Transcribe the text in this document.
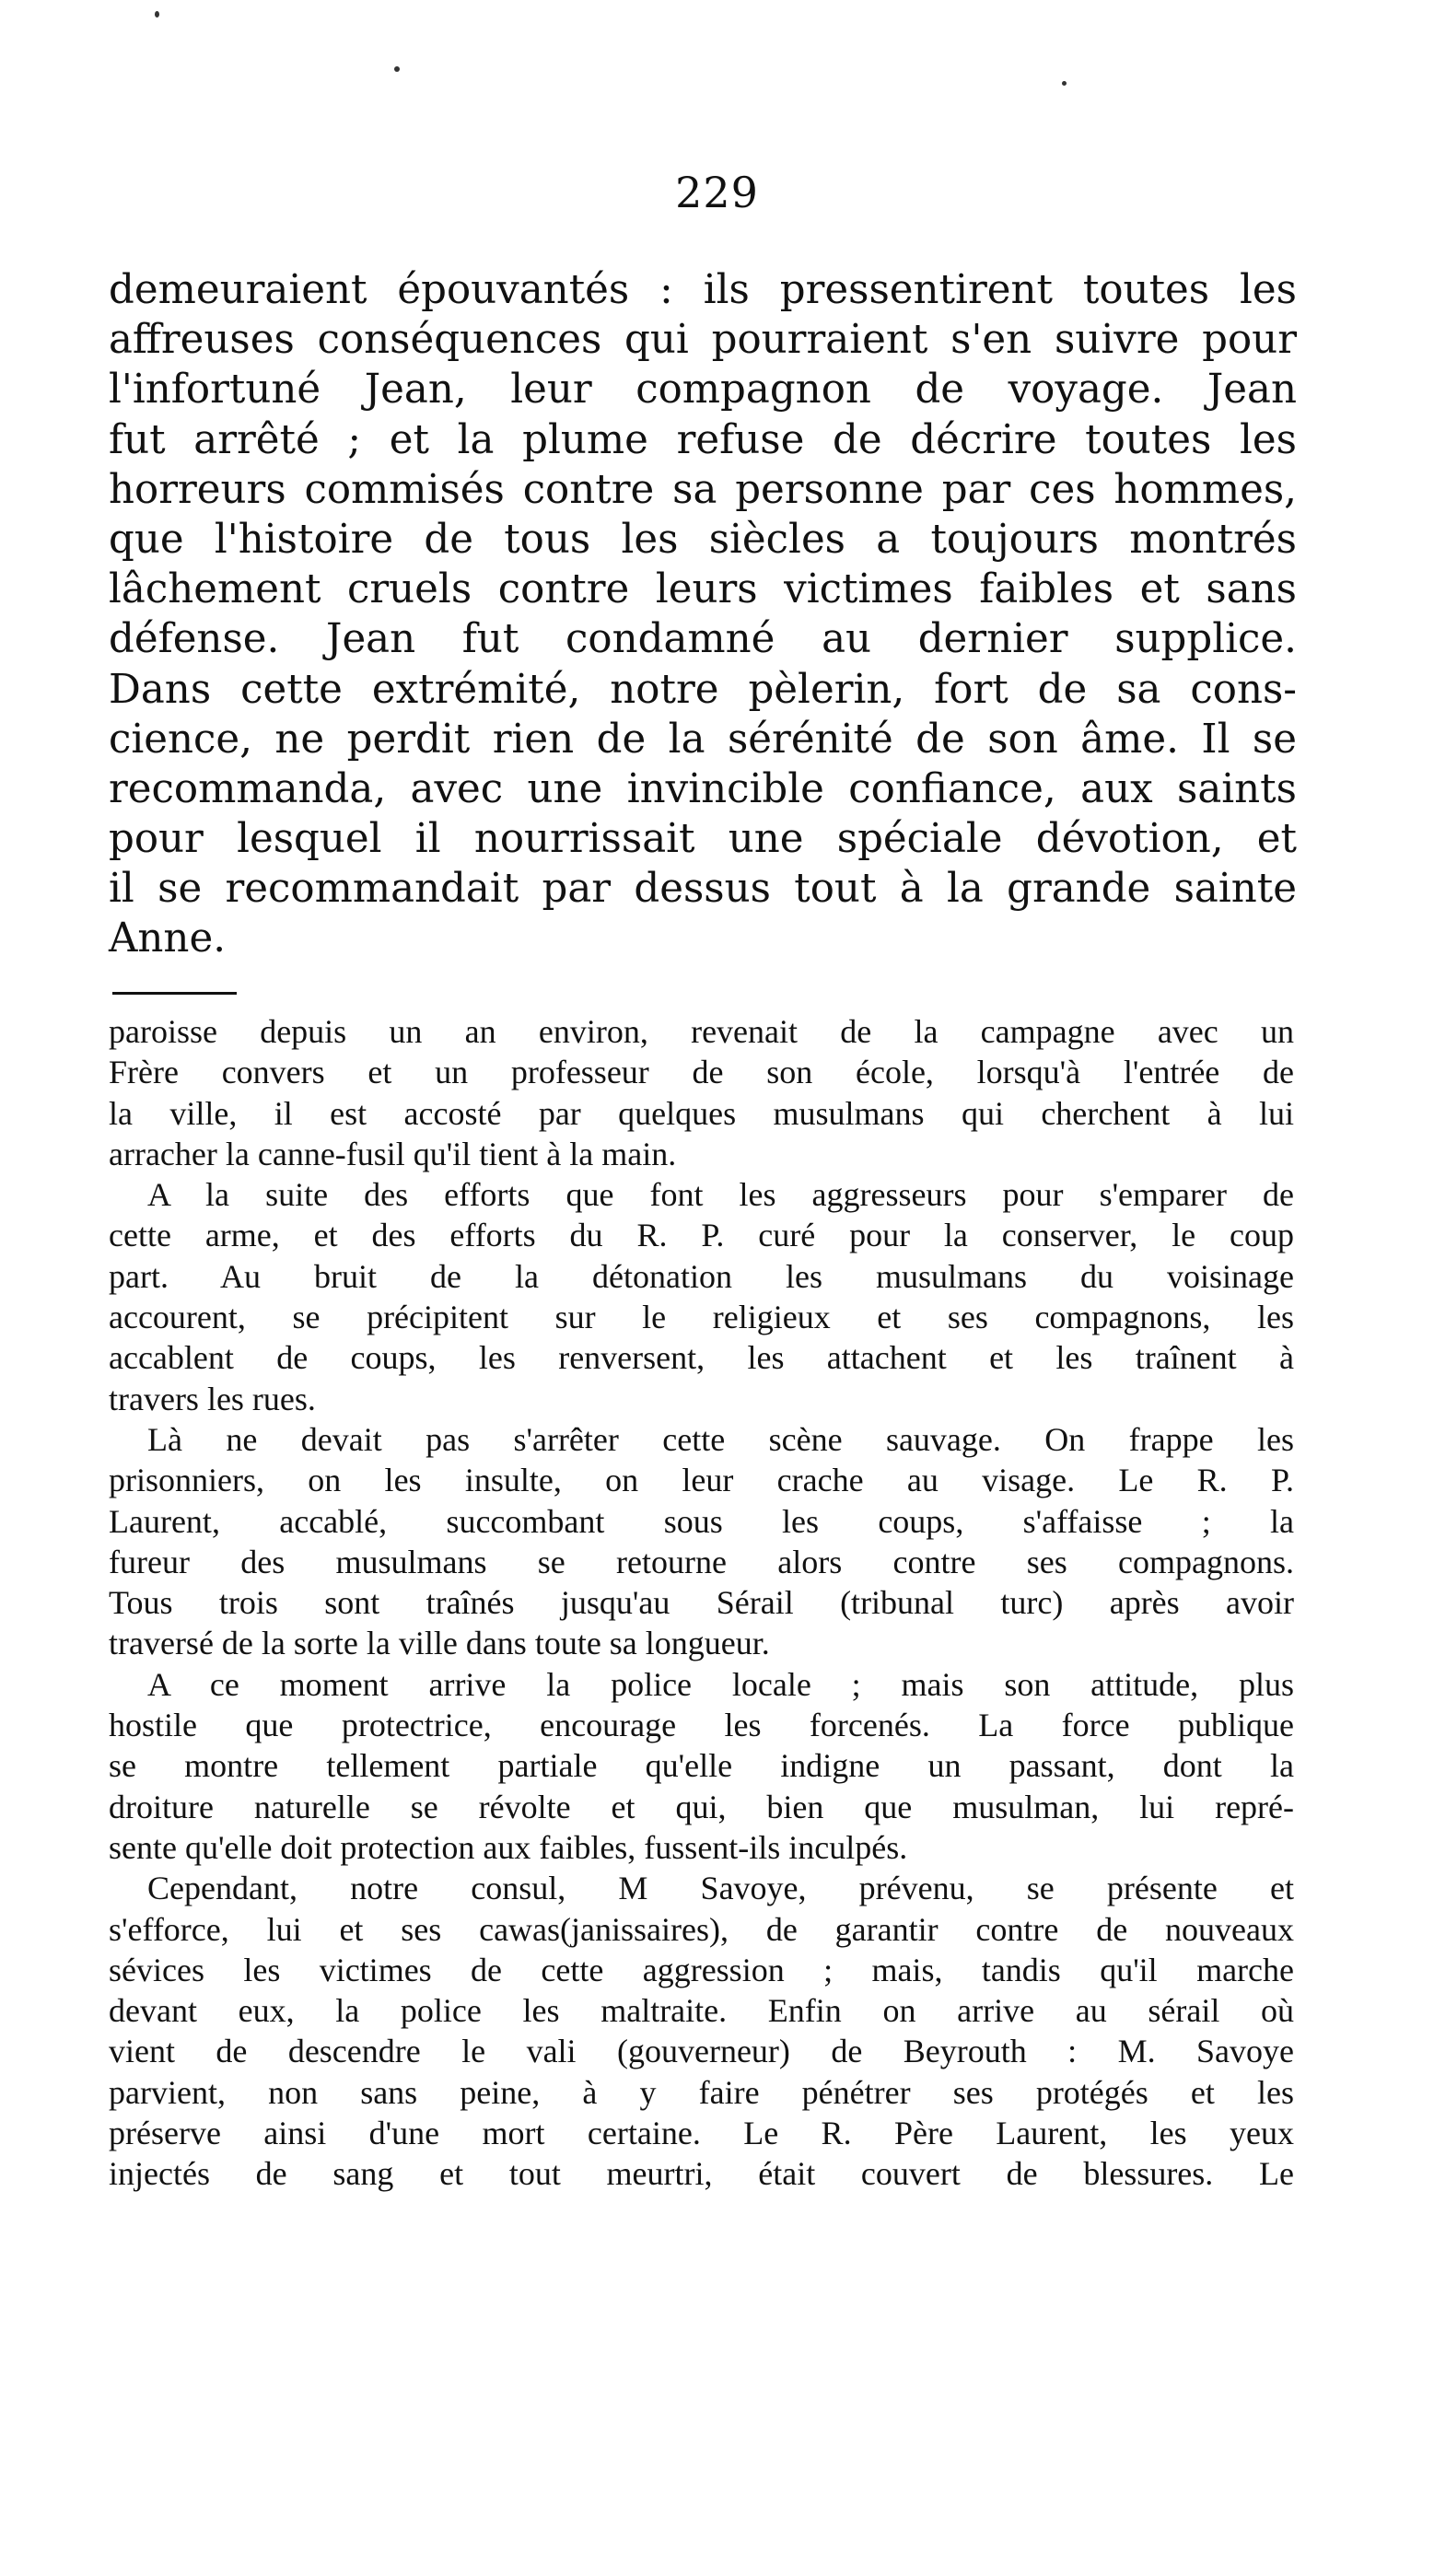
229
demeuraient épouvantés : ils pressentirent toutes les
affreuses conséquences qui pourraient s'en suivre pour
l'infortuné Jean, leur compagnon de voyage. Jean
fut arrêté ; et la plume refuse de décrire toutes les
horreurs commisés contre sa personne par ces hommes,
que l'histoire de tous les siècles a toujours montrés
lâchement cruels contre leurs victimes faibles et sans
défense. Jean fut condamné au dernier supplice.
Dans cette extrémité, notre pèlerin, fort de sa cons-
cience, ne perdit rien de la sérénité de son âme. Il se
recommanda, avec une invincible confiance, aux saints
pour lesquel il nourrissait une spéciale dévotion, et
il se recommandait par dessus tout à la grande sainte
Anne.
paroisse depuis un an environ, revenait de la campagne avec un
Frère convers et un professeur de son école, lorsqu'à l'entrée de
la ville, il est accosté par quelques musulmans qui cherchent à lui
arracher la canne-fusil qu'il tient à la main.
A la suite des efforts que font les aggresseurs pour s'emparer de
cette arme, et des efforts du R. P. curé pour la conserver, le coup
part. Au bruit de la détonation les musulmans du voisinage
accourent, se précipitent sur le religieux et ses compagnons, les
accablent de coups, les renversent, les attachent et les traînent à
travers les rues.
Là ne devait pas s'arrêter cette scène sauvage. On frappe les
prisonniers, on les insulte, on leur crache au visage. Le R. P.
Laurent, accablé, succombant sous les coups, s'affaisse ; la
fureur des musulmans se retourne alors contre ses compagnons.
Tous trois sont traînés jusqu'au Sérail (tribunal turc) après avoir
traversé de la sorte la ville dans toute sa longueur.
A ce moment arrive la police locale ; mais son attitude, plus
hostile que protectrice, encourage les forcenés. La force publique
se montre tellement partiale qu'elle indigne un passant, dont la
droiture naturelle se révolte et qui, bien que musulman, lui repré-
sente qu'elle doit protection aux faibles, fussent-ils inculpés.
Cependant, notre consul, M Savoye, prévenu, se présente et
s'efforce, lui et ses cawas(janissaires), de garantir contre de nouveaux
sévices les victimes de cette aggression ; mais, tandis qu'il marche
devant eux, la police les maltraite. Enfin on arrive au sérail où
vient de descendre le vali (gouverneur) de Beyrouth : M. Savoye
parvient, non sans peine, à y faire pénétrer ses protégés et les
préserve ainsi d'une mort certaine. Le R. Père Laurent, les yeux
injectés de sang et tout meurtri, était couvert de blessures. Le
